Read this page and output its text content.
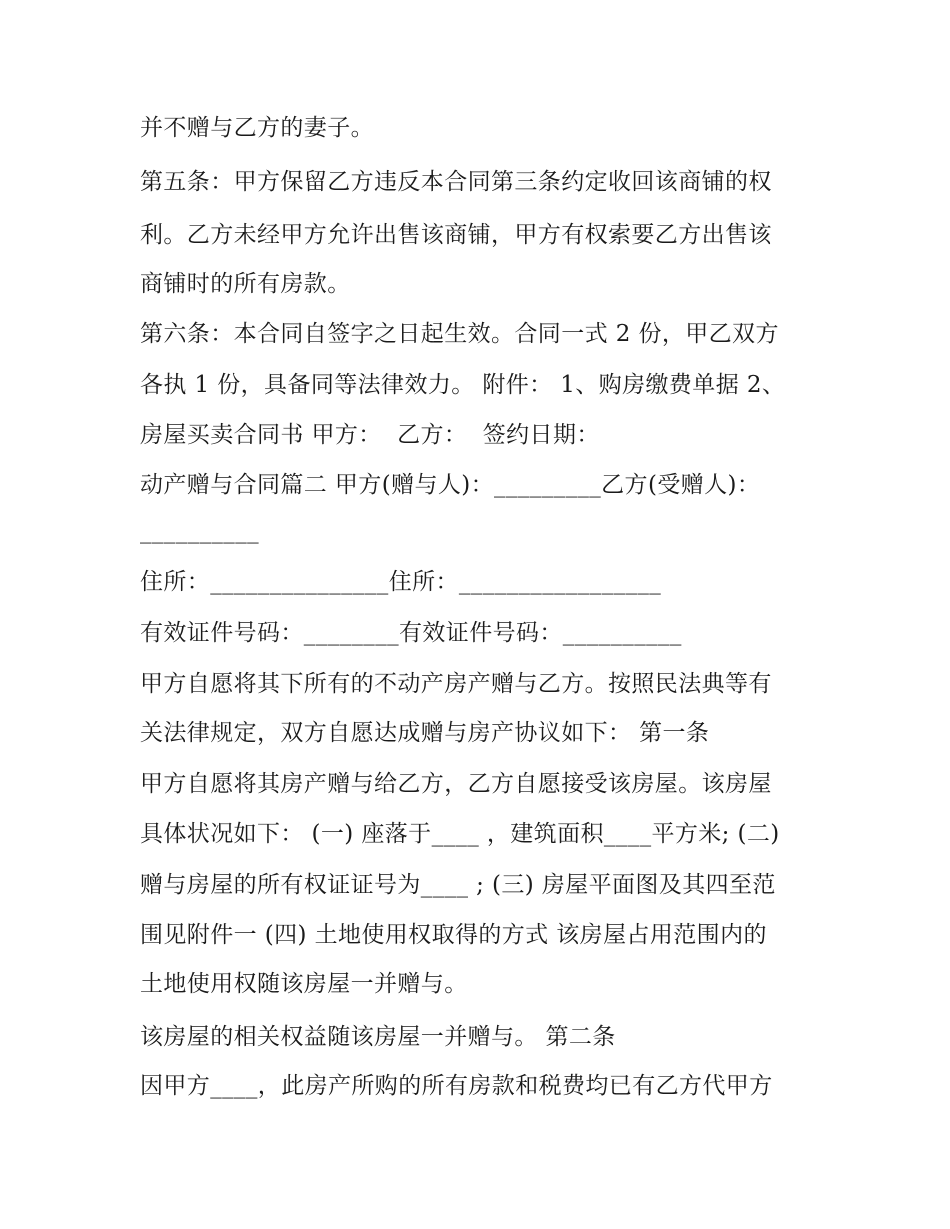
并不赠与乙方的妻子。
第五条：甲方保留乙方违反本合同第三条约定收回该商铺的权
利。乙方未经甲方允许出售该商铺，甲方有权索要乙方出售该
商铺时的所有房款。
第六条：本合同自签字之日起生效。合同一式 2 份，甲乙双方
各执 1 份，具备同等法律效力。 附件： 1、购房缴费单据 2、
房屋买卖合同书 甲方：  乙方：  签约日期：
动产赠与合同篇二 甲方(赠与人)：_________乙方(受赠人)：
__________
住所：_______________住所：_________________
有效证件号码：________有效证件号码：__________
甲方自愿将其下所有的不动产房产赠与乙方。按照民法典等有
关法律规定，双方自愿达成赠与房产协议如下： 第一条
甲方自愿将其房产赠与给乙方，乙方自愿接受该房屋。该房屋
具体状况如下： (一) 座落于____ ，建筑面积____平方米; (二)
赠与房屋的所有权证证号为____ ; (三) 房屋平面图及其四至范
围见附件一 (四) 土地使用权取得的方式 该房屋占用范围内的
土地使用权随该房屋一并赠与。
该房屋的相关权益随该房屋一并赠与。 第二条
因甲方____，此房产所购的所有房款和税费均已有乙方代甲方
